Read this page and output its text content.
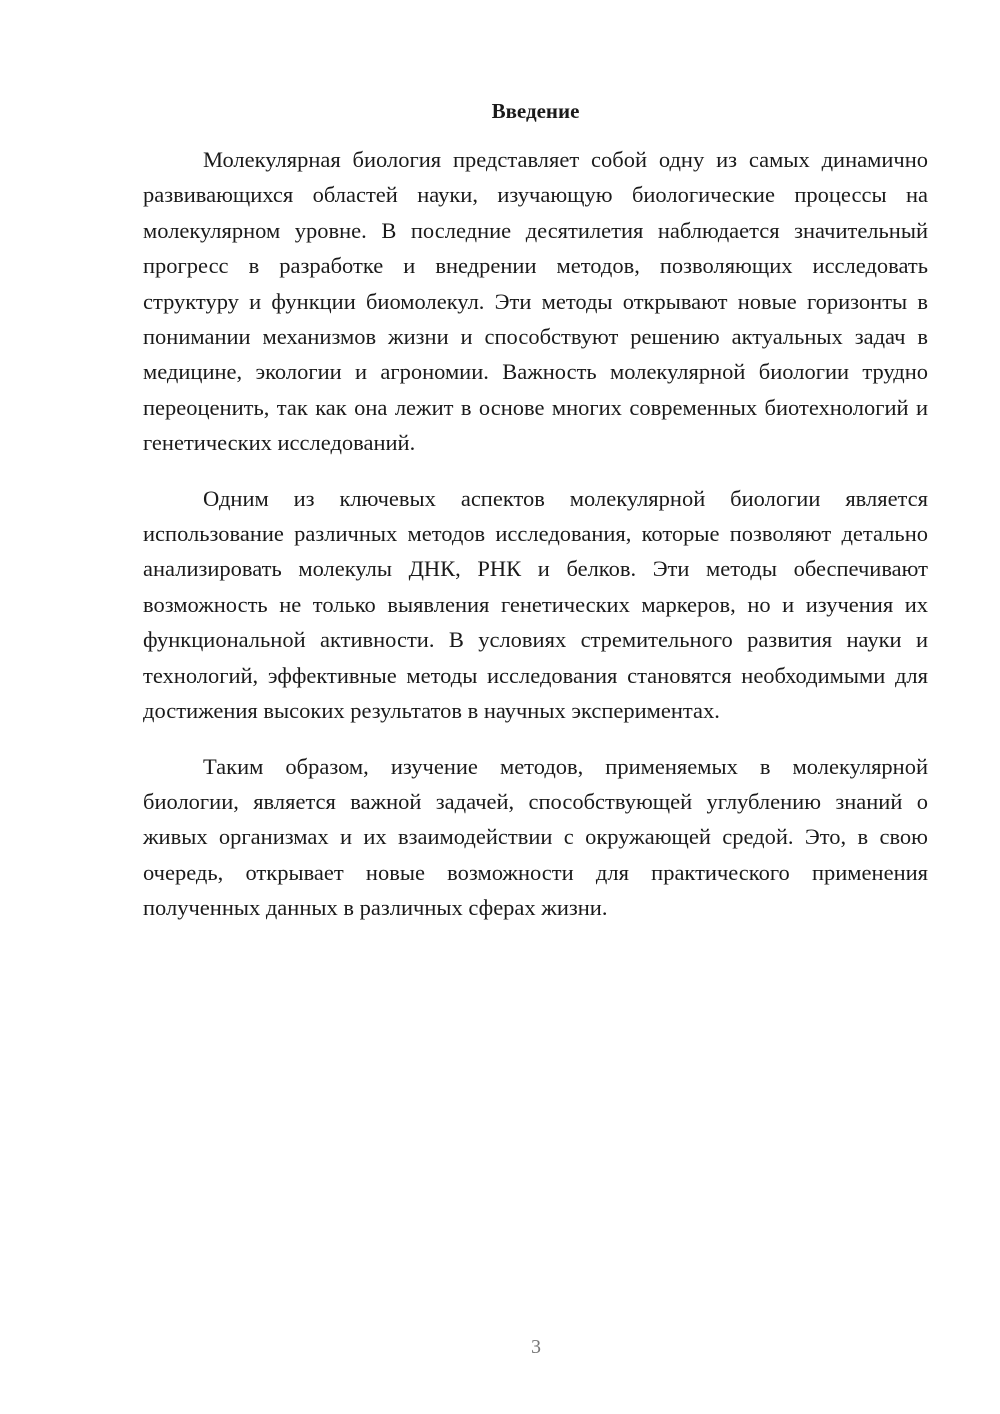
Введение

Молекулярная биология представляет собой одну из самых динамично развивающихся областей науки, изучающую биологические процессы на молекулярном уровне. В последние десятилетия наблюдается значительный прогресс в разработке и внедрении методов, позволяющих исследовать структуру и функции биомолекул. Эти методы открывают новые горизонты в понимании механизмов жизни и способствуют решению актуальных задач в медицине, экологии и агрономии. Важность молекулярной биологии трудно переоценить, так как она лежит в основе многих современных биотехнологий и генетических исследований.

Одним из ключевых аспектов молекулярной биологии является использование различных методов исследования, которые позволяют детально анализировать молекулы ДНК, РНК и белков. Эти методы обеспечивают возможность не только выявления генетических маркеров, но и изучения их функциональной активности. В условиях стремительного развития науки и технологий, эффективные методы исследования становятся необходимыми для достижения высоких результатов в научных экспериментах.

Таким образом, изучение методов, применяемых в молекулярной биологии, является важной задачей, способствующей углублению знаний о живых организмах и их взаимодействии с окружающей средой. Это, в свою очередь, открывает новые возможности для практического применения полученных данных в различных сферах жизни.

3
